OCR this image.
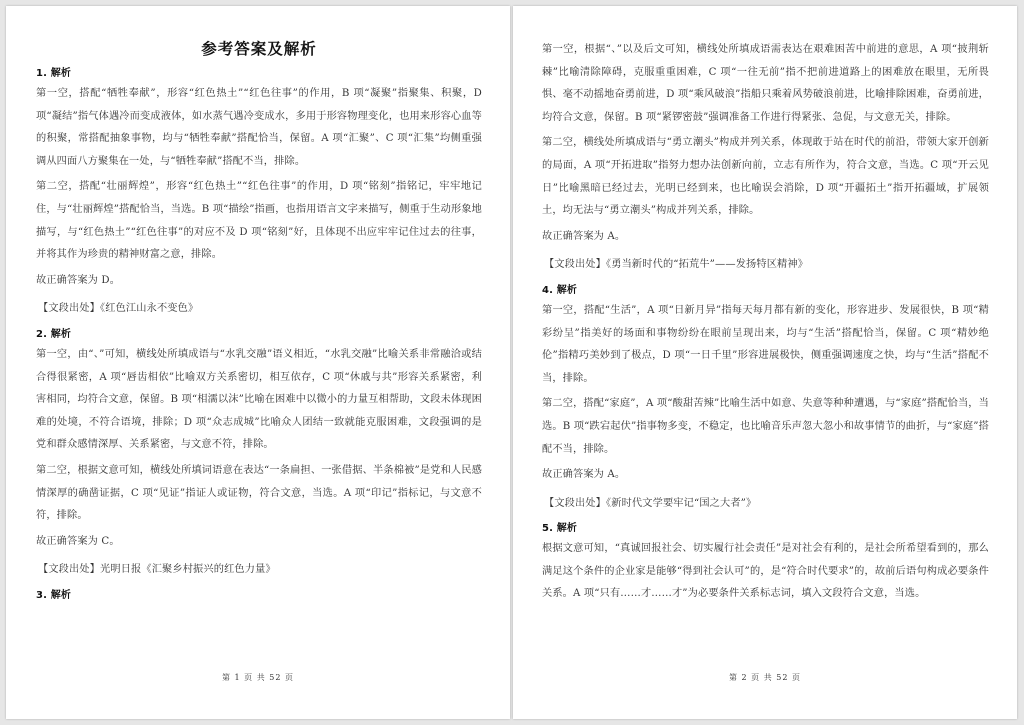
参考答案及解析
1. 解析

第一空，搭配“牺牲奉献”，形容“红色热土”“红色往事”的作用，B 项“凝聚”指聚集、积聚，D 项“凝结”指气体遇冷而变成液体，如水蒸气遇冷变成水，多用于形容物理变化，也用来形容心血等的积聚，常搭配抽象事物，均与“牺牲奉献”搭配恰当，保留。A 项“汇聚”、C 项“汇集”均侧重强调从四面八方聚集在一处，与“牺牲奉献”搭配不当，排除。

第二空，搭配“壮丽辉煌”，形容“红色热土”“红色往事”的作用，D 项“铭刻”指铭记，牢牢地记住，与“壮丽辉煌”搭配恰当，当选。B 项“描绘”指画，也指用语言文字来描写，侧重于生动形象地描写，与“红色热土”“红色往事”的对应不及 D 项“铭刻”好，且体现不出应牢牢记住过去的往事，并将其作为珍贵的精神财富之意，排除。

故正确答案为 D。

【文段出处】《红色江山永不变色》

2. 解析

第一空，由“、”可知，横线处所填成语与“水乳交融”语义相近，“水乳交融”比喻关系非常融洽或结合得很紧密，A 项“唇齿相依”比喻双方关系密切，相互依存，C 项“休戚与共”形容关系紧密，利害相同，均符合文意，保留。B 项“相濡以沫”比喻在困难中以微小的力量互相帮助，文段未体现困难的处境，不符合语境，排除；D 项“众志成城”比喻众人团结一致就能克服困难，文段强调的是党和群众感情深厚、关系紧密，与文意不符，排除。

第二空，根据文意可知，横线处所填词语意在表达“一条扁担、一张借据、半条棉被”是党和人民感情深厚的确凿证据，C 项“见证”指证人或证物，符合文意，当选。A 项“印记”指标记，与文意不符，排除。

故正确答案为 C。

【文段出处】光明日报《汇聚乡村振兴的红色力量》

3. 解析
第 1 页 共 52 页

第一空，根据“、”以及后文可知，横线处所填成语需表达在艰难困苦中前进的意思，A 项“披荆斩棘”比喻清除障碍，克服重重困难，C 项“一往无前”指不把前进道路上的困难放在眼里，无所畏惧、毫不动摇地奋勇前进，D 项“乘风破浪”指船只乘着风势破浪前进，比喻排除困难，奋勇前进，均符合文意，保留。B 项“紧锣密鼓”强调准备工作进行得紧张、急促，与文意无关，排除。

第二空，横线处所填成语与“勇立潮头”构成并列关系，体现敢于站在时代的前沿，带领大家开创新的局面，A 项“开拓进取”指努力想办法创新向前，立志有所作为，符合文意，当选。C 项“开云见日”比喻黑暗已经过去，光明已经到来，也比喻误会消除，D 项“开疆拓土”指开拓疆域，扩展领土，均无法与“勇立潮头”构成并列关系，排除。

故正确答案为 A。

【文段出处】《勇当新时代的“拓荒牛”——发扬特区精神》

4. 解析

第一空，搭配“生活”，A 项“日新月异”指每天每月都有新的变化，形容进步、发展很快，B 项“精彩纷呈”指美好的场面和事物纷纷在眼前呈现出来，均与“生活”搭配恰当，保留。C 项“精妙绝伦”指精巧美妙到了极点，D 项“一日千里”形容进展极快，侧重强调速度之快，均与“生活”搭配不当，排除。

第二空，搭配“家庭”，A 项“酸甜苦辣”比喻生活中如意、失意等种种遭遇，与“家庭”搭配恰当，当选。B 项“跌宕起伏”指事物多变，不稳定，也比喻音乐声忽大忽小和故事情节的曲折，与“家庭”搭配不当，排除。

故正确答案为 A。

【文段出处】《新时代文学要牢记“国之大者”》

5. 解析

根据文意可知，“真诚回报社会、切实履行社会责任”是对社会有利的，是社会所希望看到的，那么满足这个条件的企业家是能够“得到社会认可”的，是“符合时代要求”的，故前后语句构成必要条件关系。A 项“只有……才……才”为必要条件关系标志词，填入文段符合文意，当选。

第 2 页 共 52 页
